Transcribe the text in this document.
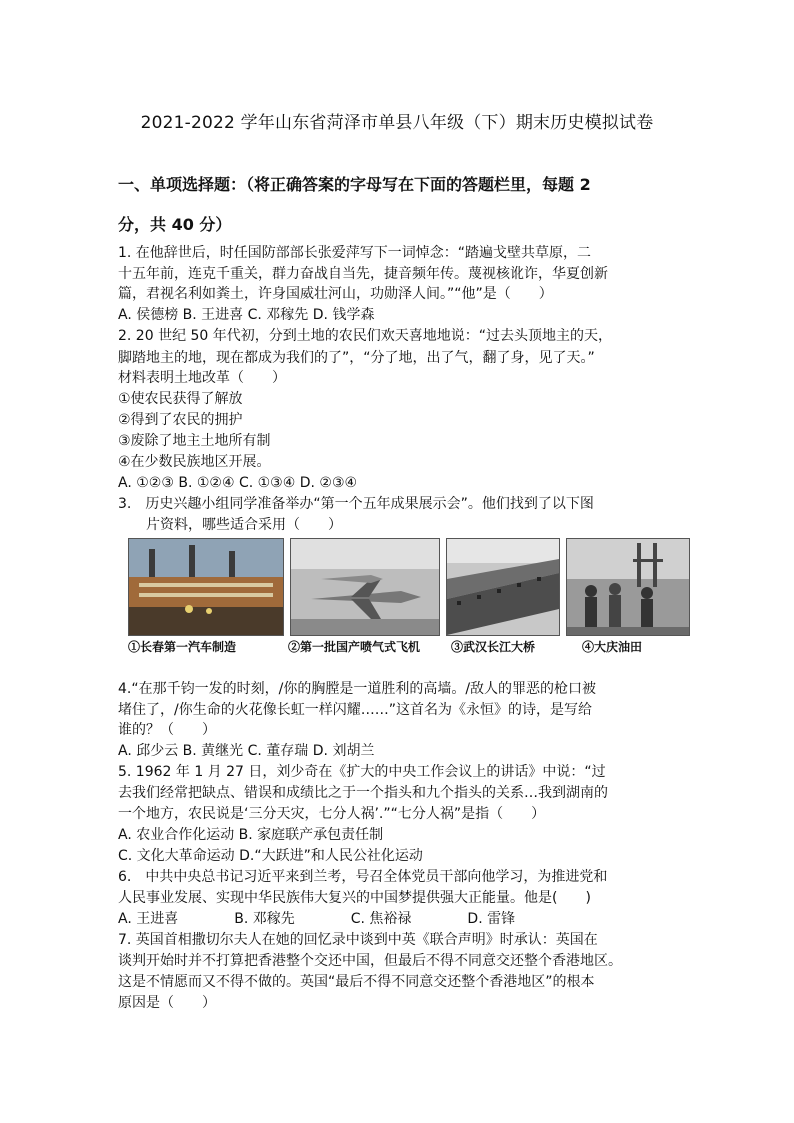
2021-2022 学年山东省菏泽市单县八年级（下）期末历史模拟试卷
一、单项选择题：（将正确答案的字母写在下面的答题栏里，每题 2
分，共 40 分）
1. 在他辞世后，时任国防部部长张爱萍写下一词悼念：“踏遍戈壁共草原，二
十五年前，连克千重关，群力奋战自当先，捷音频年传。蔑视核讹诈，华夏创新
篇，君视名利如粪土，许身国威壮河山，功勋泽人间。”“他”是（　　）
A. 侯德榜 B. 王进喜 C. 邓稼先 D. 钱学森
2. 20 世纪 50 年代初，分到土地的农民们欢天喜地地说：“过去头顶地主的天，
脚踏地主的地，现在都成为我们的了”，“分了地，出了气，翻了身，见了天。”
材料表明土地改革（　　）
①使农民获得了解放
②得到了农民的拥护
③废除了地主土地所有制
④在少数民族地区开展。
A. ①②③ B. ①②④ C. ①③④ D. ②③④
3.　历史兴趣小组同学准备举办“第一个五年成果展示会”。他们找到了以下图
片资料，哪些适合采用（　　）
①长春第一汽车制造	②第一批国产喷气式飞机	③武汉长江大桥	④大庆油田
4.“在那千钧一发的时刻，/你的胸膛是一道胜利的高墙。/敌人的罪恶的枪口被
堵住了，/你生命的火花像长虹一样闪耀……”这首名为《永恒》的诗，是写给
谁的？（　　）
A. 邱少云 B. 黄继光 C. 董存瑞 D. 刘胡兰
5. 1962 年 1 月 27 日，刘少奇在《扩大的中央工作会议上的讲话》中说：“过
去我们经常把缺点、错误和成绩比之于一个指头和九个指头的关系…我到湖南的
一个地方，农民说是‘三分天灾，七分人祸’.”“七分人祸”是指（　　）
A. 农业合作化运动 B. 家庭联产承包责任制
C. 文化大革命运动 D.“大跃进”和人民公社化运动
6.　中共中央总书记习近平来到兰考，号召全体党员干部向他学习，为推进党和
人民事业发展、实现中华民族伟大复兴的中国梦提供强大正能量。他是(　　)
A. 王进喜　　　　B. 邓稼先　　　　C. 焦裕禄　　　　D. 雷锋
7. 英国首相撒切尔夫人在她的回忆录中谈到中英《联合声明》时承认：英国在
谈判开始时并不打算把香港整个交还中国，但最后不得不同意交还整个香港地区。
这是不情愿而又不得不做的。英国“最后不得不同意交还整个香港地区”的根本
原因是（　　）
